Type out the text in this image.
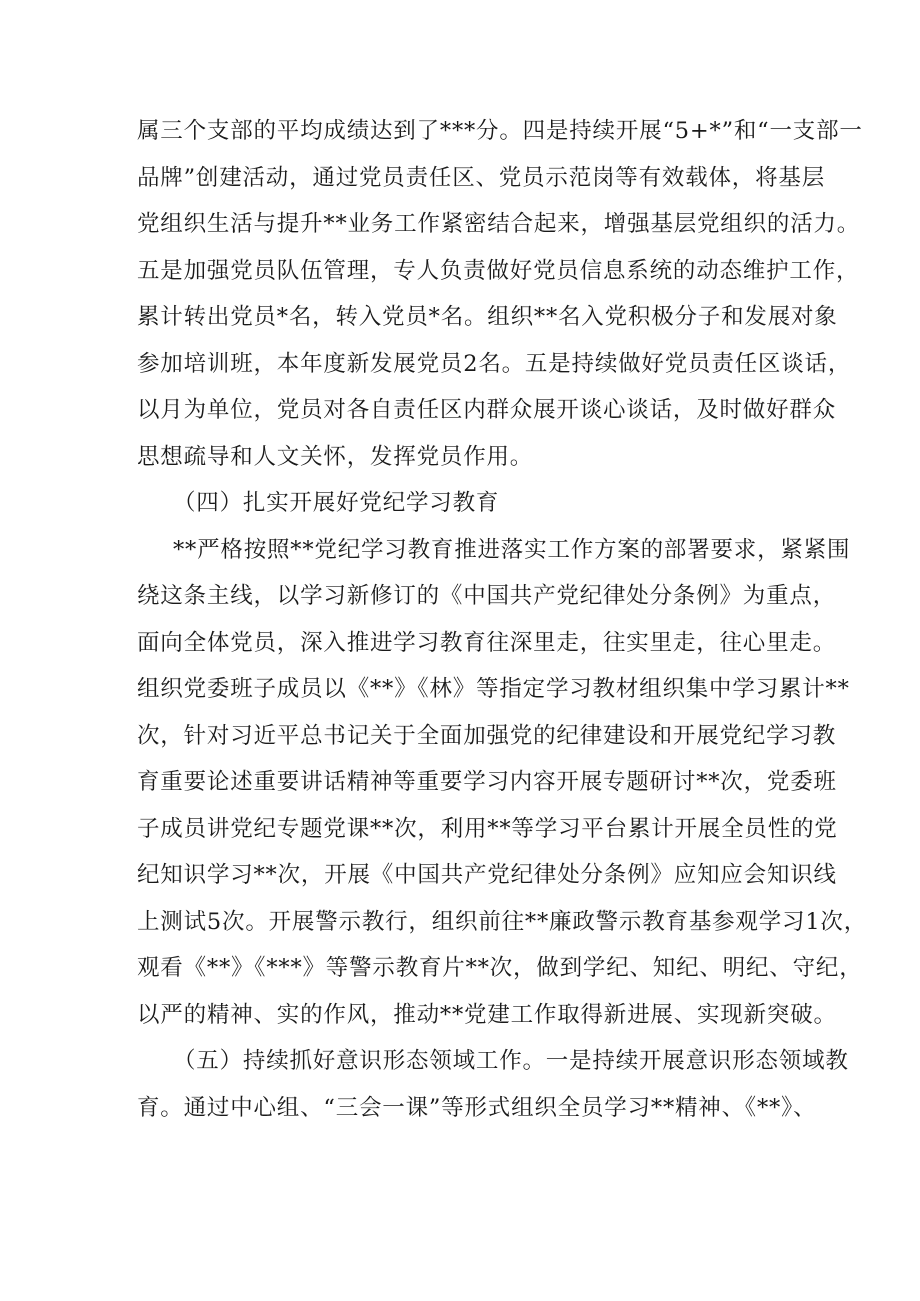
属三个支部的平均成绩达到了***分。四是持续开展“5+*”和“一支部一
品牌”创建活动，通过党员责任区、党员示范岗等有效载体，将基层
党组织生活与提升**业务工作紧密结合起来，增强基层党组织的活力。
五是加强党员队伍管理，专人负责做好党员信息系统的动态维护工作，
累计转出党员*名，转入党员*名。组织**名入党积极分子和发展对象
参加培训班，本年度新发展党员2名。五是持续做好党员责任区谈话，
以月为单位，党员对各自责任区内群众展开谈心谈话，及时做好群众
思想疏导和人文关怀，发挥党员作用。
（四）扎实开展好党纪学习教育
**严格按照**党纪学习教育推进落实工作方案的部署要求，紧紧围
绕这条主线，以学习新修订的《中国共产党纪律处分条例》为重点，
面向全体党员，深入推进学习教育往深里走，往实里走，往心里走。
组织党委班子成员以《**》《林》等指定学习教材组织集中学习累计**
次，针对习近平总书记关于全面加强党的纪律建设和开展党纪学习教
育重要论述重要讲话精神等重要学习内容开展专题研讨**次，党委班
子成员讲党纪专题党课**次，利用**等学习平台累计开展全员性的党
纪知识学习**次，开展《中国共产党纪律处分条例》应知应会知识线
上测试5次。开展警示教行，组织前往**廉政警示教育基参观学习1次，
观看《**》《***》等警示教育片**次，做到学纪、知纪、明纪、守纪，
以严的精神、实的作风，推动**党建工作取得新进展、实现新突破。
（五）持续抓好意识形态领域工作。一是持续开展意识形态领域教
育。通过中心组、“三会一课”等形式组织全员学习**精神、《**》、
